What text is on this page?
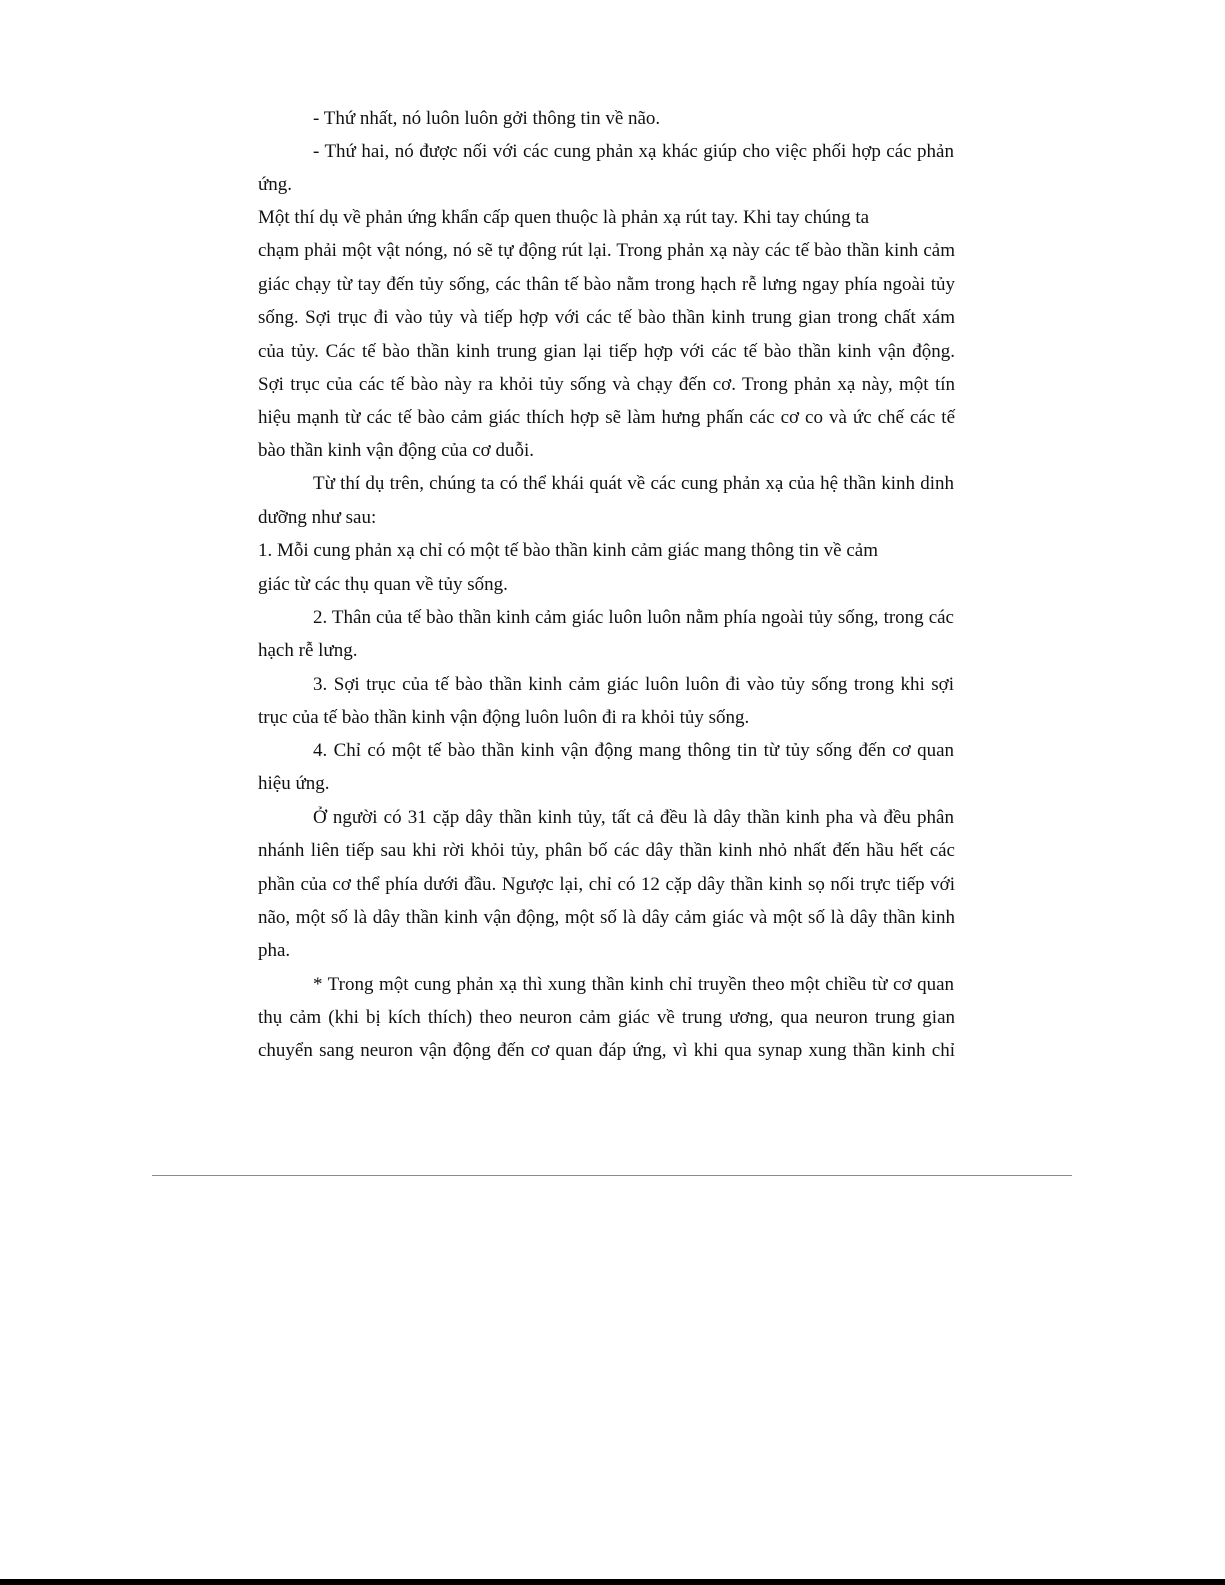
- Thứ nhất, nó luôn luôn gởi thông tin về não.
- Thứ hai, nó được nối với các cung phản xạ khác giúp cho việc phối hợp các phản
ứng.
Một thí dụ về phản ứng khẩn cấp quen thuộc là phản xạ rút tay. Khi tay chúng ta
chạm phải một vật nóng, nó sẽ tự động rút lại. Trong phản xạ này các tế bào thần kinh cảm
giác chạy từ tay đến tủy sống, các thân tế bào nằm trong hạch rễ lưng ngay phía ngoài tủy
sống. Sợi trục đi vào tủy và tiếp hợp với các tế bào thần kinh trung gian trong chất xám
của tủy. Các tế bào thần kinh trung gian lại tiếp hợp với các tế bào thần kinh vận động.
Sợi trục của các tế bào này ra khỏi tủy sống và chạy đến cơ. Trong phản xạ này, một tín
hiệu mạnh từ các tế bào cảm giác thích hợp sẽ làm hưng phấn các cơ co và ức chế các tế
bào thần kinh vận động của cơ duỗi.
Từ thí dụ trên, chúng ta có thể khái quát về các cung phản xạ của hệ thần kinh dinh
dưỡng như sau:
1. Mỗi cung phản xạ chỉ có một tế bào thần kinh cảm giác mang thông tin về cảm
giác từ các thụ quan về tủy sống.
2. Thân của tế bào thần kinh cảm giác luôn luôn nằm phía ngoài tủy sống, trong các
hạch rễ lưng.
3. Sợi trục của tế bào thần kinh cảm giác luôn luôn đi vào tủy sống trong khi sợi
trục của tế bào thần kinh vận động luôn luôn đi ra khỏi tủy sống.
4. Chỉ có một tế bào thần kinh vận động mang thông tin từ tủy sống đến cơ quan
hiệu ứng.
Ở người có 31 cặp dây thần kinh tủy, tất cả đều là dây thần kinh pha và đều phân
nhánh liên tiếp sau khi rời khỏi tủy, phân bố các dây thần kinh nhỏ nhất đến hầu hết các
phần của cơ thể phía dưới đầu. Ngược lại, chỉ có 12 cặp dây thần kinh sọ nối trực tiếp với
não, một số là dây thần kinh vận động, một số là dây cảm giác và một số là dây thần kinh
pha.
* Trong một cung phản xạ thì xung thần kinh chỉ truyền theo một chiều từ cơ quan
thụ cảm (khi bị kích thích) theo neuron cảm giác về trung ương, qua neuron trung gian
chuyển sang neuron vận động đến cơ quan đáp ứng, vì khi qua synap xung thần kinh chỉ
